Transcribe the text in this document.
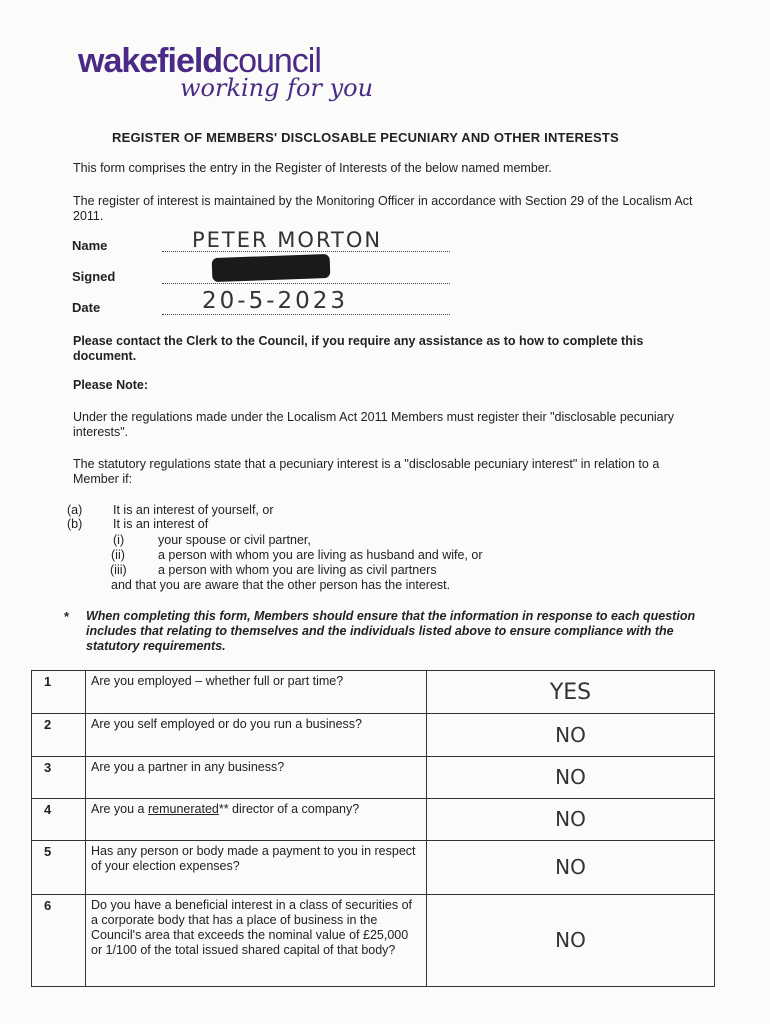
wakefieldcouncil
working for you
REGISTER OF MEMBERS' DISCLOSABLE PECUNIARY AND OTHER INTERESTS
This form comprises the entry in the Register of Interests of the below named member.
The register of interest is maintained by the Monitoring Officer in accordance with Section 29 of the Localism Act 2011.
Name	PETER MORTON
Signed
Date	20-5-2023
Please contact the Clerk to the Council, if you require any assistance as to how to complete this document.
Please Note:
Under the regulations made under the Localism Act 2011 Members must register their "disclosable pecuniary interests".
The statutory regulations state that a pecuniary interest is a "disclosable pecuniary interest" in relation to a Member if:
(a) It is an interest of yourself, or
(b) It is an interest of
(i)	your spouse or civil partner,
(ii)	a person with whom you are living as husband and wife, or
(iii)	a person with whom you are living as civil partners
and that you are aware that the other person has the interest.
* When completing this form, Members should ensure that the information in response to each question includes that relating to themselves and the individuals listed above to ensure compliance with the statutory requirements.
1	Are you employed – whether full or part time?	YES
2	Are you self employed or do you run a business?	NO
3	Are you a partner in any business?	NO
4	Are you a remunerated** director of a company?	NO
5	Has any person or body made a payment to you in respect of your election expenses?	NO
6	Do you have a beneficial interest in a class of securities of a corporate body that has a place of business in the Council's area that exceeds the nominal value of £25,000 or 1/100 of the total issued shared capital of that body?	NO
